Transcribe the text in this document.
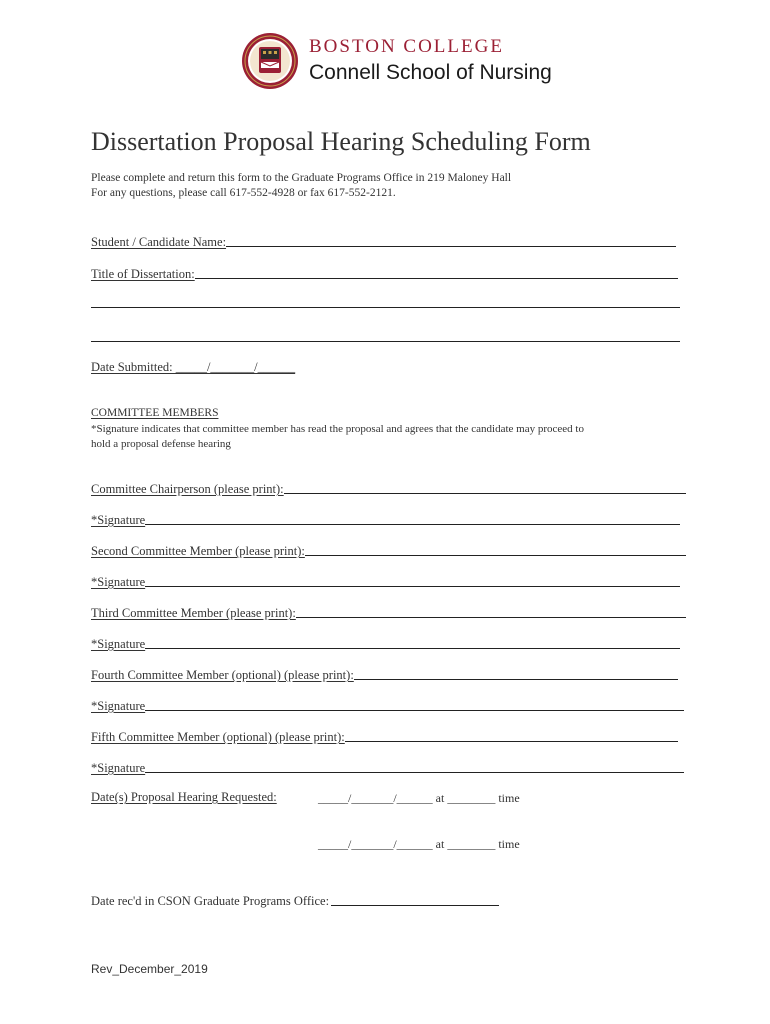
BOSTON COLLEGE
Connell School of Nursing
Dissertation Proposal Hearing Scheduling Form
Please complete and return this form to the Graduate Programs Office in 219 Maloney Hall
For any questions, please call 617-552-4928 or fax 617-552-2121.
Student / Candidate Name:
Title of Dissertation:
Date Submitted: _____/_______/______
COMMITTEE MEMBERS
*Signature indicates that committee member has read the proposal and agrees that the candidate may proceed to
hold a proposal defense hearing
Committee Chairperson (please print):
*Signature
Second Committee Member (please print):
*Signature
Third Committee Member (please print):
*Signature
Fourth Committee Member (optional) (please print):
*Signature
Fifth Committee Member (optional) (please print):
*Signature
Date(s) Proposal Hearing Requested:	_____/_______/______ at ________ time
_____/_______/______ at ________ time
Date rec'd in CSON Graduate Programs Office:
Rev_December_2019
